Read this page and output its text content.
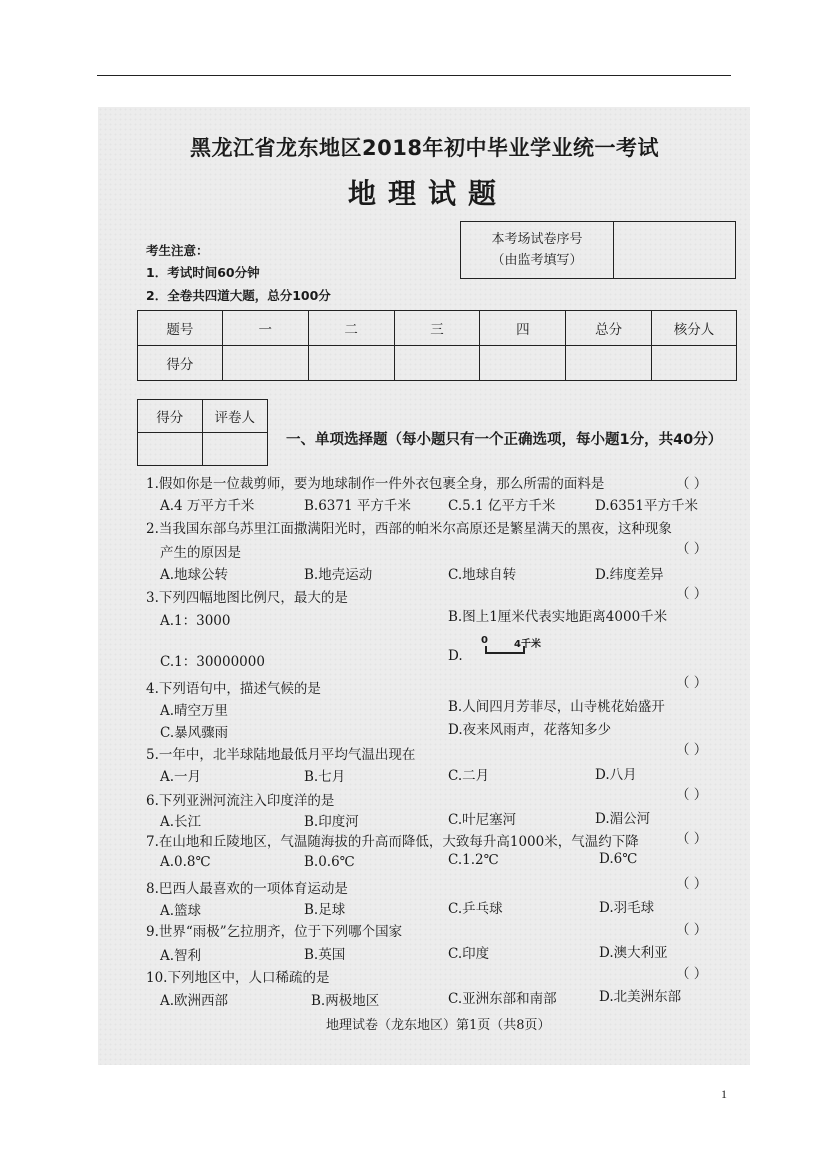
黑龙江省龙东地区2018年初中毕业学业统一考试
地理试题
考生注意：
1．考试时间60分钟
2．全卷共四道大题，总分100分
本考场试卷序号
（由监考填写）

题号	一	二	三	四	总分	核分人
得分						
得分	评卷人

一、单项选择题（每小题只有一个正确选项，每小题1分，共40分）
1.假如你是一位裁剪师，要为地球制作一件外衣包裹全身，那么所需的面料是	（ ）
A.4 万平方千米	B.6371 平方千米	C.5.1 亿平方千米	D.6351平方千米
2.当我国东部乌苏里江面撒满阳光时，西部的帕米尔高原还是繁星满天的黑夜，这种现象
产生的原因是	（ ）
A.地球公转	B.地壳运动	C.地球自转	D.纬度差异
3.下列四幅地图比例尺，最大的是	（ ）
A.1：3000	B.图上1厘米代表实地距离4000千米
C.1：30000000	D.
0	4千米
4.下列语句中，描述气候的是	（ ）
A.晴空万里	B.人间四月芳菲尽，山寺桃花始盛开
C.暴风骤雨	D.夜来风雨声，花落知多少
5.一年中，北半球陆地最低月平均气温出现在	（ ）
A.一月	B.七月	C.二月	D.八月
6.下列亚洲河流注入印度洋的是	（ ）
A.长江	B.印度河	C.叶尼塞河	D.湄公河
7.在山地和丘陵地区，气温随海拔的升高而降低，大致每升高1000米，气温约下降	（ ）
A.0.8℃	B.0.6℃	C.1.2℃	D.6℃
8.巴西人最喜欢的一项体育运动是	（ ）
A.篮球	B.足球	C.乒乓球	D.羽毛球
9.世界“雨极”乞拉朋齐，位于下列哪个国家	（ ）
A.智利	B.英国	C.印度	D.澳大利亚
10.下列地区中，人口稀疏的是	（ ）
A.欧洲西部	B.两极地区	C.亚洲东部和南部	D.北美洲东部
地理试卷（龙东地区）第1页（共8页）
1
